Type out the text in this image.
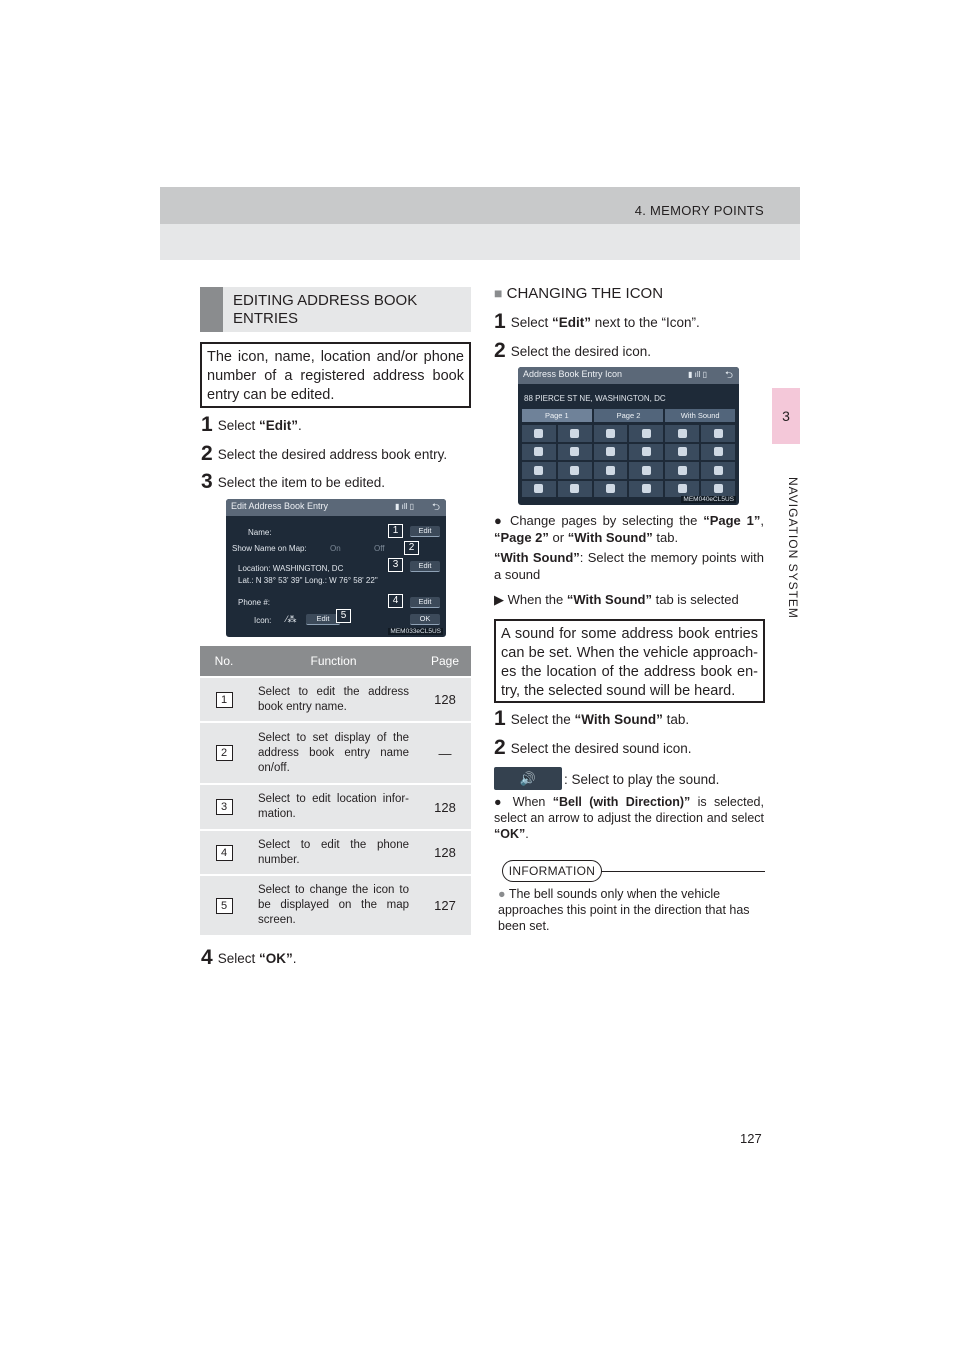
4. MEMORY POINTS
3
NAVIGATION SYSTEM
EDITING ADDRESS BOOK ENTRIES
The icon, name, location and/or phone number of a registered address book entry can be edited.
1 Select “Edit”.
2 Select the desired address book entry.
3 Select the item to be edited.
Edit Address Book Entry	▮ ıll ▯ ⮌
Name:	Edit
1
Show Name on Map:	On	Off	2
Location: WASHINGTON, DC
Lat.: N 38° 53' 39" Long.: W 76° 58' 22"
Edit
3
Phone #:	Edit
4
Icon: ⁄⁂	Edit	5	OK
MEM033eCL5US
No.	Function	Page
1	Select to edit the address book entry name.	128
2	Select to set display of the address book entry name on/off.	—
3	Select to edit location infor-mation.	128
4	Select to edit the phone number.	128
5	Select to change the icon to be displayed on the map screen.	127
4 Select “OK”.
■ CHANGING THE ICON
1 Select “Edit” next to the “Icon”.
2 Select the desired icon.
Address Book Entry Icon	▮ ıll ▯ ⮌
88 PIERCE ST NE, WASHINGTON, DC
Page 1	Page 2	With Sound
MEM040eCL5US
● Change pages by selecting the “Page 1”, “Page 2” or “With Sound” tab.
“With Sound”: Select the memory points with a sound
▶ When the “With Sound” tab is selected
A sound for some address book entries can be set. When the vehicle approach-es the location of the address book en-try, the selected sound will be heard.
1 Select the “With Sound” tab.
2 Select the desired sound icon.
🔊	: Select to play the sound.
● When “Bell (with Direction)” is selected, select an arrow to adjust the direction and select “OK”.
INFORMATION
● The bell sounds only when the vehicle approaches this point in the direction that has been set.
127
